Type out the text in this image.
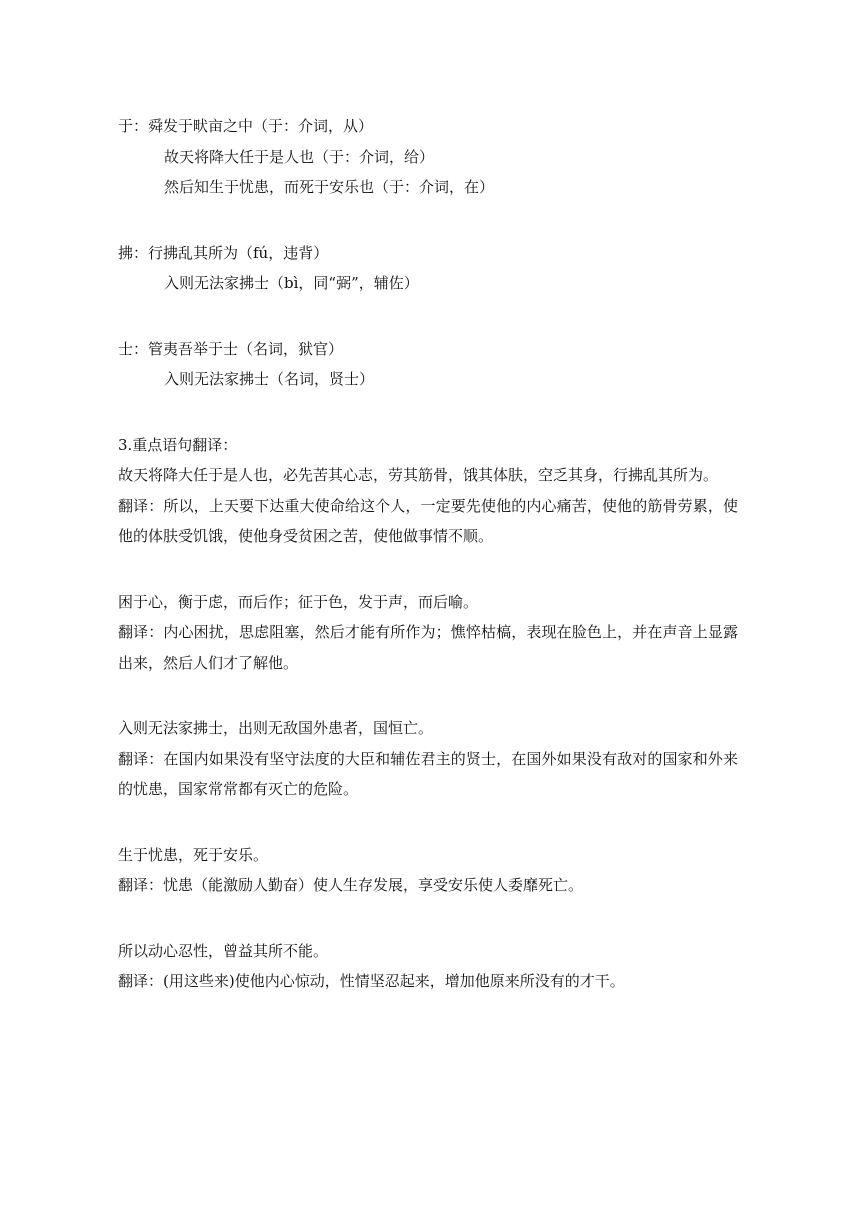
于：舜发于畎亩之中（于：介词，从）

故天将降大任于是人也（于：介词，给）

然后知生于忧患，而死于安乐也（于：介词，在）

拂：行拂乱其所为（fú，违背）

入则无法家拂士（bì，同“弼”，辅佐）

士：管夷吾举于士（名词，狱官）

入则无法家拂士（名词，贤士）

3.重点语句翻译：

故天将降大任于是人也，必先苦其心志，劳其筋骨，饿其体肤，空乏其身，行拂乱其所为。

翻译：所以，上天要下达重大使命给这个人，一定要先使他的内心痛苦，使他的筋骨劳累，使他的体肤受饥饿，使他身受贫困之苦，使他做事情不顺。

困于心，衡于虑，而后作；征于色，发于声，而后喻。

翻译：内心困扰，思虑阻塞，然后才能有所作为；憔悴枯槁，表现在脸色上，并在声音上显露出来，然后人们才了解他。

入则无法家拂士，出则无敌国外患者，国恒亡。

翻译：在国内如果没有坚守法度的大臣和辅佐君主的贤士，在国外如果没有敌对的国家和外来的忧患，国家常常都有灭亡的危险。

生于忧患，死于安乐。

翻译：忧患（能激励人勤奋）使人生存发展，享受安乐使人委靡死亡。

所以动心忍性，曾益其所不能。

翻译：(用这些来)使他内心惊动，性情坚忍起来，增加他原来所没有的才干。
